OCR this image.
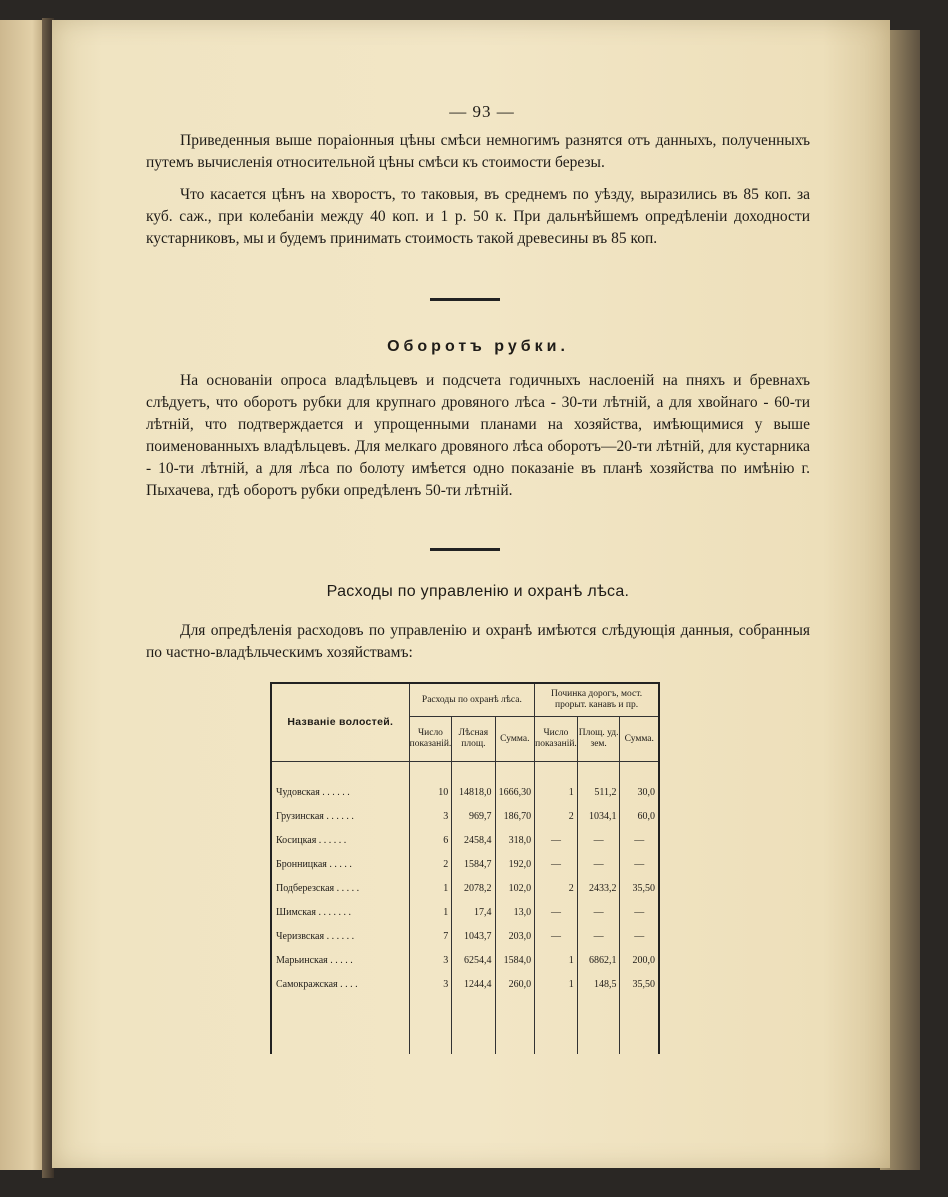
— 93 —

Приведенныя выше пораіонныя цѣны смѣси немногимъ разнятся отъ данныхъ, полученныхъ путемъ вычисленія относительной цѣны смѣси къ стоимости березы.

Что касается цѣнъ на хворостъ, то таковыя, въ среднемъ по уѣзду, выразились въ 85 коп. за куб. саж., при колебаніи между 40 коп. и 1 р. 50 к. При дальнѣйшемъ опредѣленіи доходности кустарниковъ, мы и будемъ принимать стоимость такой древесины въ 85 коп.

Оборотъ рубки.

На основаніи опроса владѣльцевъ и подсчета годичныхъ наслоеній на пняхъ и бревнахъ слѣдуетъ, что оборотъ рубки для крупнаго дровяного лѣса - 30-ти лѣтній, а для хвойнаго - 60-ти лѣтній, что подтверждается и упрощенными планами на хозяйства, имѣющимися у выше поименованныхъ владѣльцевъ. Для мелкаго дровяного лѣса оборотъ—20-ти лѣтній, для кустарника - 10-ти лѣтній, а для лѣса по болоту имѣется одно показаніе въ планѣ хозяйства по имѣнію г. Пыхачева, гдѣ оборотъ рубки опредѣленъ 50-ти лѣтній.

Расходы по управленію и охранѣ лѣса.

Для опредѣленія расходовъ по управленію и охранѣ имѣются слѣдующія данныя, собранныя по частно-владѣльческимъ хозяйствамъ:

Названіе волостей.	Расходы по охранѣ лѣса.			Починка дорогъ, мост. прорыт. канавъ и пр.		
	Число показаній.	Лѣсная площ.	Сумма.	Число показаній.	Площ. уд. зем.	Сумма.

Чудовская . . . . . .	10	14818,0	1666,30	1	511,2	30,0
Грузинская . . . . . .	3	969,7	186,70	2	1034,1	60,0
Косицкая . . . . . .	6	2458,4	318,0	—	—	—
Бронницкая . . . . .	2	1584,7	192,0	—	—	—
Подберезская . . . . .	1	2078,2	102,0	2	2433,2	35,50
Шимская . . . . . . .	1	17,4	13,0	—	—	—
Черизвская . . . . . .	7	1043,7	203,0	—	—	—
Марьинская . . . . .	3	6254,4	1584,0	1	6862,1	200,0
Самокражская . . . .	3	1244,4	260,0	1	148,5	35,50
